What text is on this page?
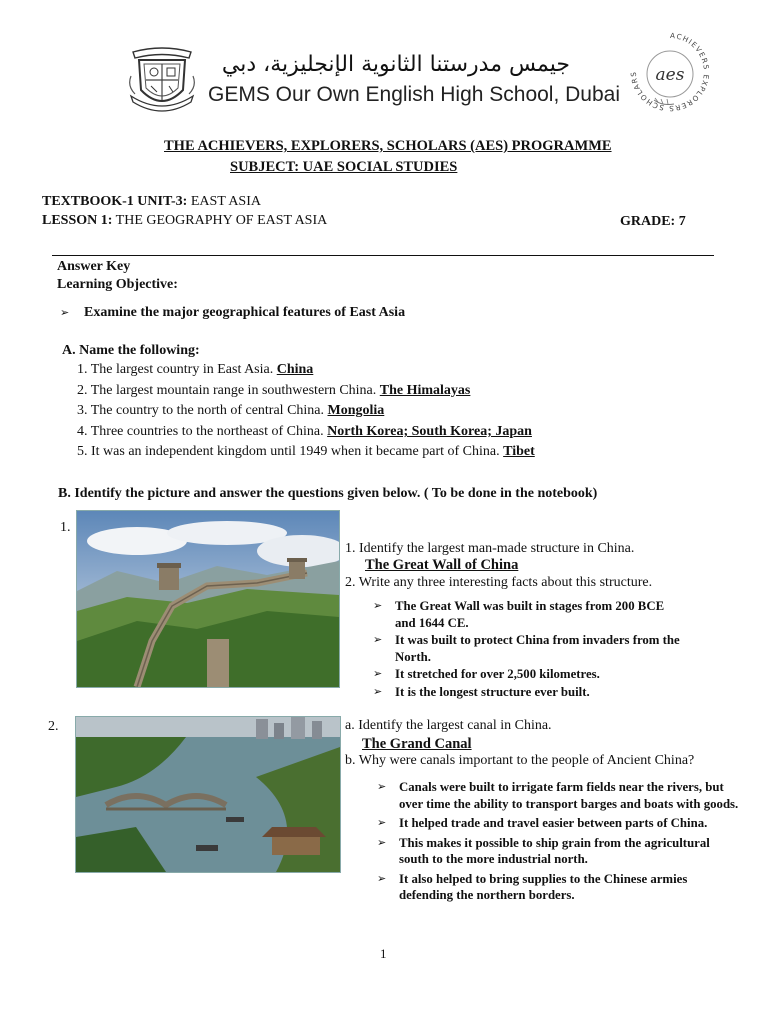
جيمس مدرستنا الثانوية الإنجليزية، دبي
GEMS Our Own English High School, Dubai
ACHIEVERS EXPLORERS SCHOLARS	aes
THE ACHIEVERS, EXPLORERS, SCHOLARS (AES) PROGRAMME
SUBJECT: UAE SOCIAL STUDIES
TEXTBOOK-1 UNIT-3: EAST ASIA
LESSON 1: THE GEOGRAPHY OF EAST ASIA	GRADE: 7
Answer Key
Learning Objective:
➢ Examine the major geographical features of East Asia
A. Name the following:
1. The largest country in East Asia. China
2. The largest mountain range in southwestern China. The Himalayas
3. The country to the north of central China. Mongolia
4. Three countries to the northeast of China. North Korea; South Korea; Japan
5. It was an independent kingdom until 1949 when it became part of China. Tibet
B. Identify the picture and answer the questions given below. ( To be done in the notebook)
1.
1. Identify the largest man-made structure in China.
The Great Wall of China
2. Write any three interesting facts about this structure.
➢ The Great Wall was built in stages from 200 BCE and 1644 CE.
➢ It was built to protect China from invaders from the North.
➢ It stretched for over 2,500 kilometres.
➢ It is the longest structure ever built.
2.	a. Identify the largest canal in China.
The Grand Canal
b. Why were canals important to the people of Ancient China?
➢ Canals were built to irrigate farm fields near the rivers, but over time the ability to transport barges and boats with goods.
➢ It helped trade and travel easier between parts of China.
➢ This makes it possible to ship grain from the agricultural south to the more industrial north.
➢ It also helped to bring supplies to the Chinese armies defending the northern borders.
1
